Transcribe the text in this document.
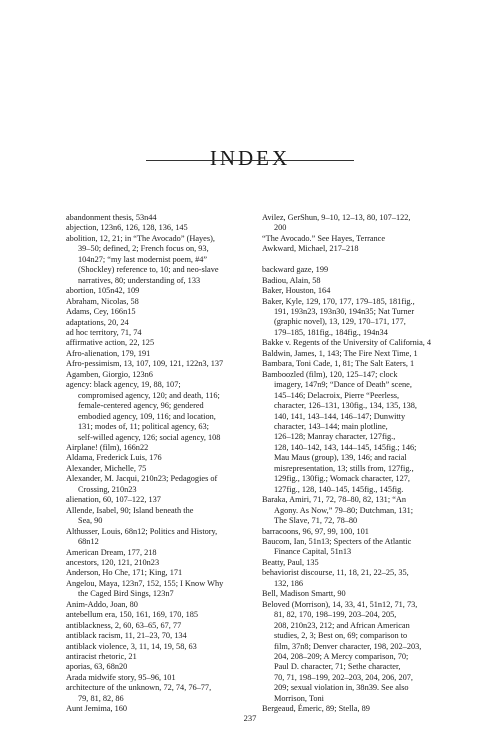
INDEX
abandonment thesis, 53n44
abjection, 123n6, 126, 128, 136, 145
abolition, 12, 21; in “The Avocado” (Hayes),
39–50; defined, 2; French focus on, 93,
104n27; “my last modernist poem, #4”
(Shockley) reference to, 10; and neo-slave
narratives, 80; understanding of, 133
abortion, 105n42, 109
Abraham, Nicolas, 58
Adams, Cey, 166n15
adaptations, 20, 24
ad hoc territory, 71, 74
affirmative action, 22, 125
Afro-alienation, 179, 191
Afro-pessimism, 13, 107, 109, 121, 122n3, 137
Agamben, Giorgio, 123n6
agency: black agency, 19, 88, 107;
compromised agency, 120; and death, 116;
female-centered agency, 96; gendered
embodied agency, 109, 116; and location,
131; modes of, 11; political agency, 63;
self-willed agency, 126; social agency, 108
Airplane! (film), 166n22
Aldama, Frederick Luis, 176
Alexander, Michelle, 75
Alexander, M. Jacqui, 210n23; Pedagogies of
Crossing, 210n23
alienation, 60, 107–122, 137
Allende, Isabel, 90; Island beneath the
Sea, 90
Althusser, Louis, 68n12; Politics and History,
68n12
American Dream, 177, 218
ancestors, 120, 121, 210n23
Anderson, Ho Che, 171; King, 171
Angelou, Maya, 123n7, 152, 155; I Know Why
the Caged Bird Sings, 123n7
Anim-Addo, Joan, 80
antebellum era, 150, 161, 169, 170, 185
antiblackness, 2, 60, 63–65, 67, 77
antiblack racism, 11, 21–23, 70, 134
antiblack violence, 3, 11, 14, 19, 58, 63
antiracist rhetoric, 21
aporias, 63, 68n20
Arada midwife story, 95–96, 101
architecture of the unknown, 72, 74, 76–77,
79, 81, 82, 86
Aunt Jemima, 160
Avilez, GerShun, 9–10, 12–13, 80, 107–122,
200
“The Avocado.” See Hayes, Terrance
Awkward, Michael, 217–218
backward gaze, 199
Badiou, Alain, 58
Baker, Houston, 164
Baker, Kyle, 129, 170, 177, 179–185, 181fig.,
191, 193n23, 193n30, 194n35; Nat Turner
(graphic novel), 13, 129, 170–171, 177,
179–185, 181fig., 184fig., 194n34
Bakke v. Regents of the University of California, 4
Baldwin, James, 1, 143; The Fire Next Time, 1
Bambara, Toni Cade, 1, 81; The Salt Eaters, 1
Bamboozled (film), 120, 125–147; clock
imagery, 147n9; “Dance of Death” scene,
145–146; Delacroix, Pierre “Peerless,
character, 126–131, 130fig., 134, 135, 138,
140, 141, 143–144, 146–147; Dunwitty
character, 143–144; main plotline,
126–128; Manray character, 127fig.,
128, 140–142, 143, 144–145, 145fig.; 146;
Mau Maus (group), 139, 146; and racial
misrepresentation, 13; stills from, 127fig.,
129fig., 130fig.; Womack character, 127,
127fig., 128, 140–145, 145fig., 145fig.
Baraka, Amiri, 71, 72, 78–80, 82, 131; “An
Agony. As Now,” 79–80; Dutchman, 131;
The Slave, 71, 72, 78–80
barracoons, 96, 97, 99, 100, 101
Baucom, Ian, 51n13; Specters of the Atlantic
Finance Capital, 51n13
Beatty, Paul, 135
behaviorist discourse, 11, 18, 21, 22–25, 35,
132, 186
Bell, Madison Smartt, 90
Beloved (Morrison), 14, 33, 41, 51n12, 71, 73,
81, 82, 170, 198–199, 203–204, 205,
208, 210n23, 212; and African American
studies, 2, 3; Best on, 69; comparison to
film, 37n8; Denver character, 198, 202–203,
204, 208–209; A Mercy comparison, 70;
Paul D. character, 71; Sethe character,
70, 71, 198–199, 202–203, 204, 206, 207,
209; sexual violation in, 38n39. See also
Morrison, Toni
Bergeaud, Émeric, 89; Stella, 89
237
